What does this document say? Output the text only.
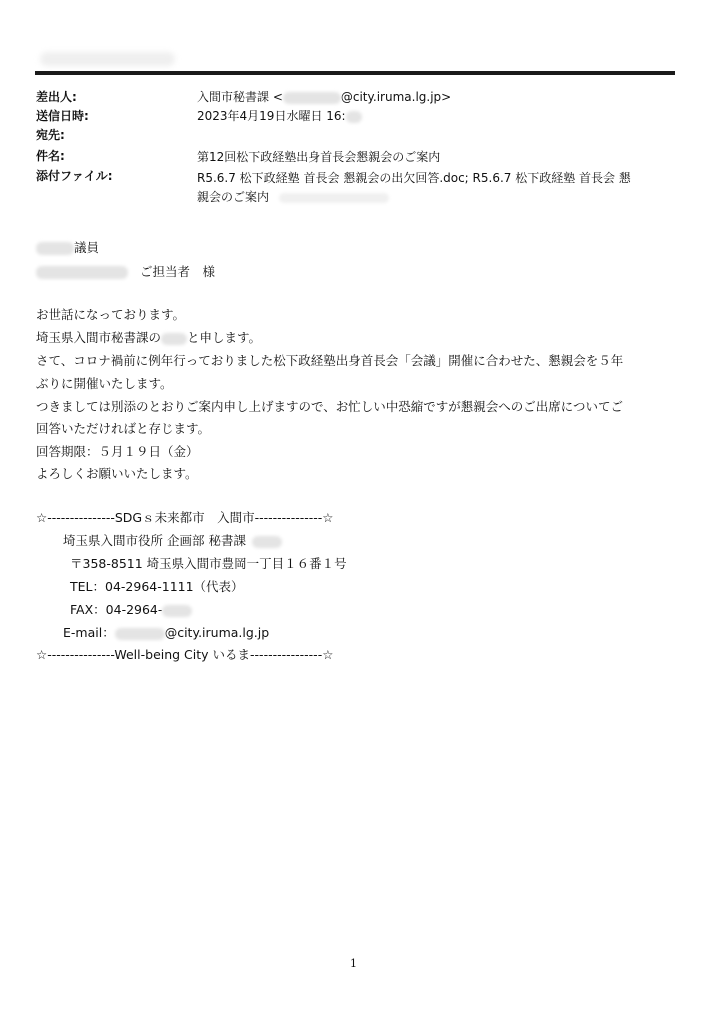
差出人:	入間市秘書課 <	@city.iruma.lg.jp>
送信日時:	2023年4月19日水曜日 16:
宛先:
件名:	第12回松下政経塾出身首長会懇親会のご案内
添付ファイル:	R5.6.7 松下政経塾 首長会 懇親会の出欠回答.doc; R5.6.7 松下政経塾 首長会 懇
親会のご案内
議員
ご担当者　様
お世話になっております。
埼玉県入間市秘書課の と申します。
さて、コロナ禍前に例年行っておりました松下政経塾出身首長会「会議」開催に合わせた、懇親会を５年
ぶりに開催いたします。
つきましては別添のとおりご案内申し上げますので、お忙しい中恐縮ですが懇親会へのご出席についてご
回答いただければと存じます。
回答期限：５月１９日（金）
よろしくお願いいたします。
☆---------------SDGｓ未来都市　入間市---------------☆
埼玉県入間市役所 企画部 秘書課
〒358-8511 埼玉県入間市豊岡一丁目１６番１号
TEL：04-2964-1111（代表）
FAX：04-2964-
E-mail：	@city.iruma.lg.jp
☆---------------Well-being City いるま----------------☆
1
